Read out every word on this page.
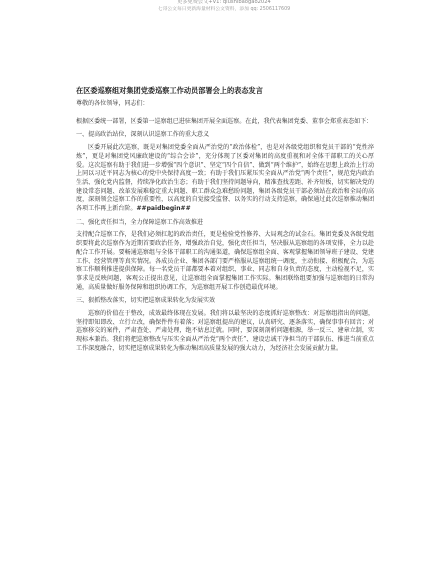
更多免费公文+V1: qiushibaogao2024
七哥公文每日更新海量材料公文资料，添加 qq: 2506117609
在区委巡察组对集团党委巡察工作动员部署会上的表态发言

尊敬的各位领导，同志们：

根据区委统一部署，区委第一巡察组已进驻集团开展全面巡察。在此，我代表集团党委、董事会郑重表态如下：

一、提高政治站位，深刻认识巡察工作的重大意义

区委开展此次巡察，既是对集团党委全面从严治党的“政治体检”，也是对各级党组织和党员干部的“党性淬炼”，更是对集团党风廉政建设的“综合会诊”，充分体现了区委对集团的高度重视和对全体干部职工的关心厚爱。这次巡察有助于我们进一步增强“四个意识”、坚定“四个自信”、做到“两个维护”，始终在思想上政治上行动上同以习近平同志为核心的党中央保持高度一致；有助于我们压紧压实全面从严治党“两个责任”，规范党内政治生活、强化党内监督，持续净化政治生态；有助于我们坚持问题导向，精准查找差距、补齐短板，切实解决党的建设常态问题、改革发展难稳定重大问题、职工群众急难愁盼问题，集团各级党员干部必须站在政治和全局的高度，深刻领会巡察工作的重要性，以高度的自觉接受监督、以务实的行动支持巡察，确保通过此次巡察推动集团各项工作再上新台阶。##paidbegin##

二、强化责任担当，全力保障巡察工作高效推进

支持配合巡察工作，是我们必须扛起的政治责任，更是检验党性修养、大局观念的试金石。集团党委及各级党组织要将此次巡察作为近期首要政治任务，增强政治自觉，强化责任担当，坚决服从巡察组的各项安排，全力以赴配合工作开展。要畅通巡察组与全体干部职工的沟通渠道，确保巡察组全面、客观掌握集团领导班子建设、党建工作、经营管理等真实情况。各成员企业、集团各部门要严格服从巡察组统一调度，主动衔接、积极配合，为巡察工作顺利推进提供保障。每一名党员干部都要本着对组织、事业、同志和自身负责的态度，主动检视不足，实事求是反映问题，客观公正提出意见，让巡察组全面掌握集团工作实际。集团联络组要加强与巡察组的日常沟通，高质量做好服务保障和组织协调工作，为巡察组开展工作创造最优环境。

三、狠抓整改落实，切实把巡察成果转化为发展实效

巡察的价值在于整改，成效最终体现在发展。我们将以最坚决的态度抓好巡察整改：对巡察组指出的问题，坚持即知即改、立行立改，确保件件有着落；对巡察组提出的建议，认真研究、逐条落实，确保事事有回音；对巡察移交的案件，严肃查处、严肃处理，绝不姑息迁就。同时，要深刻剖析问题根源，举一反三、建章立制，实现标本兼治。我们将把巡察整改与压实全面从严治党“两个责任”、建设忠诚干净担当的干部队伍、推进当前重点工作深度融合，切实把巡察成果转化为推动集团高质量发展的强大动力，为经济社会发展贡献力量。
